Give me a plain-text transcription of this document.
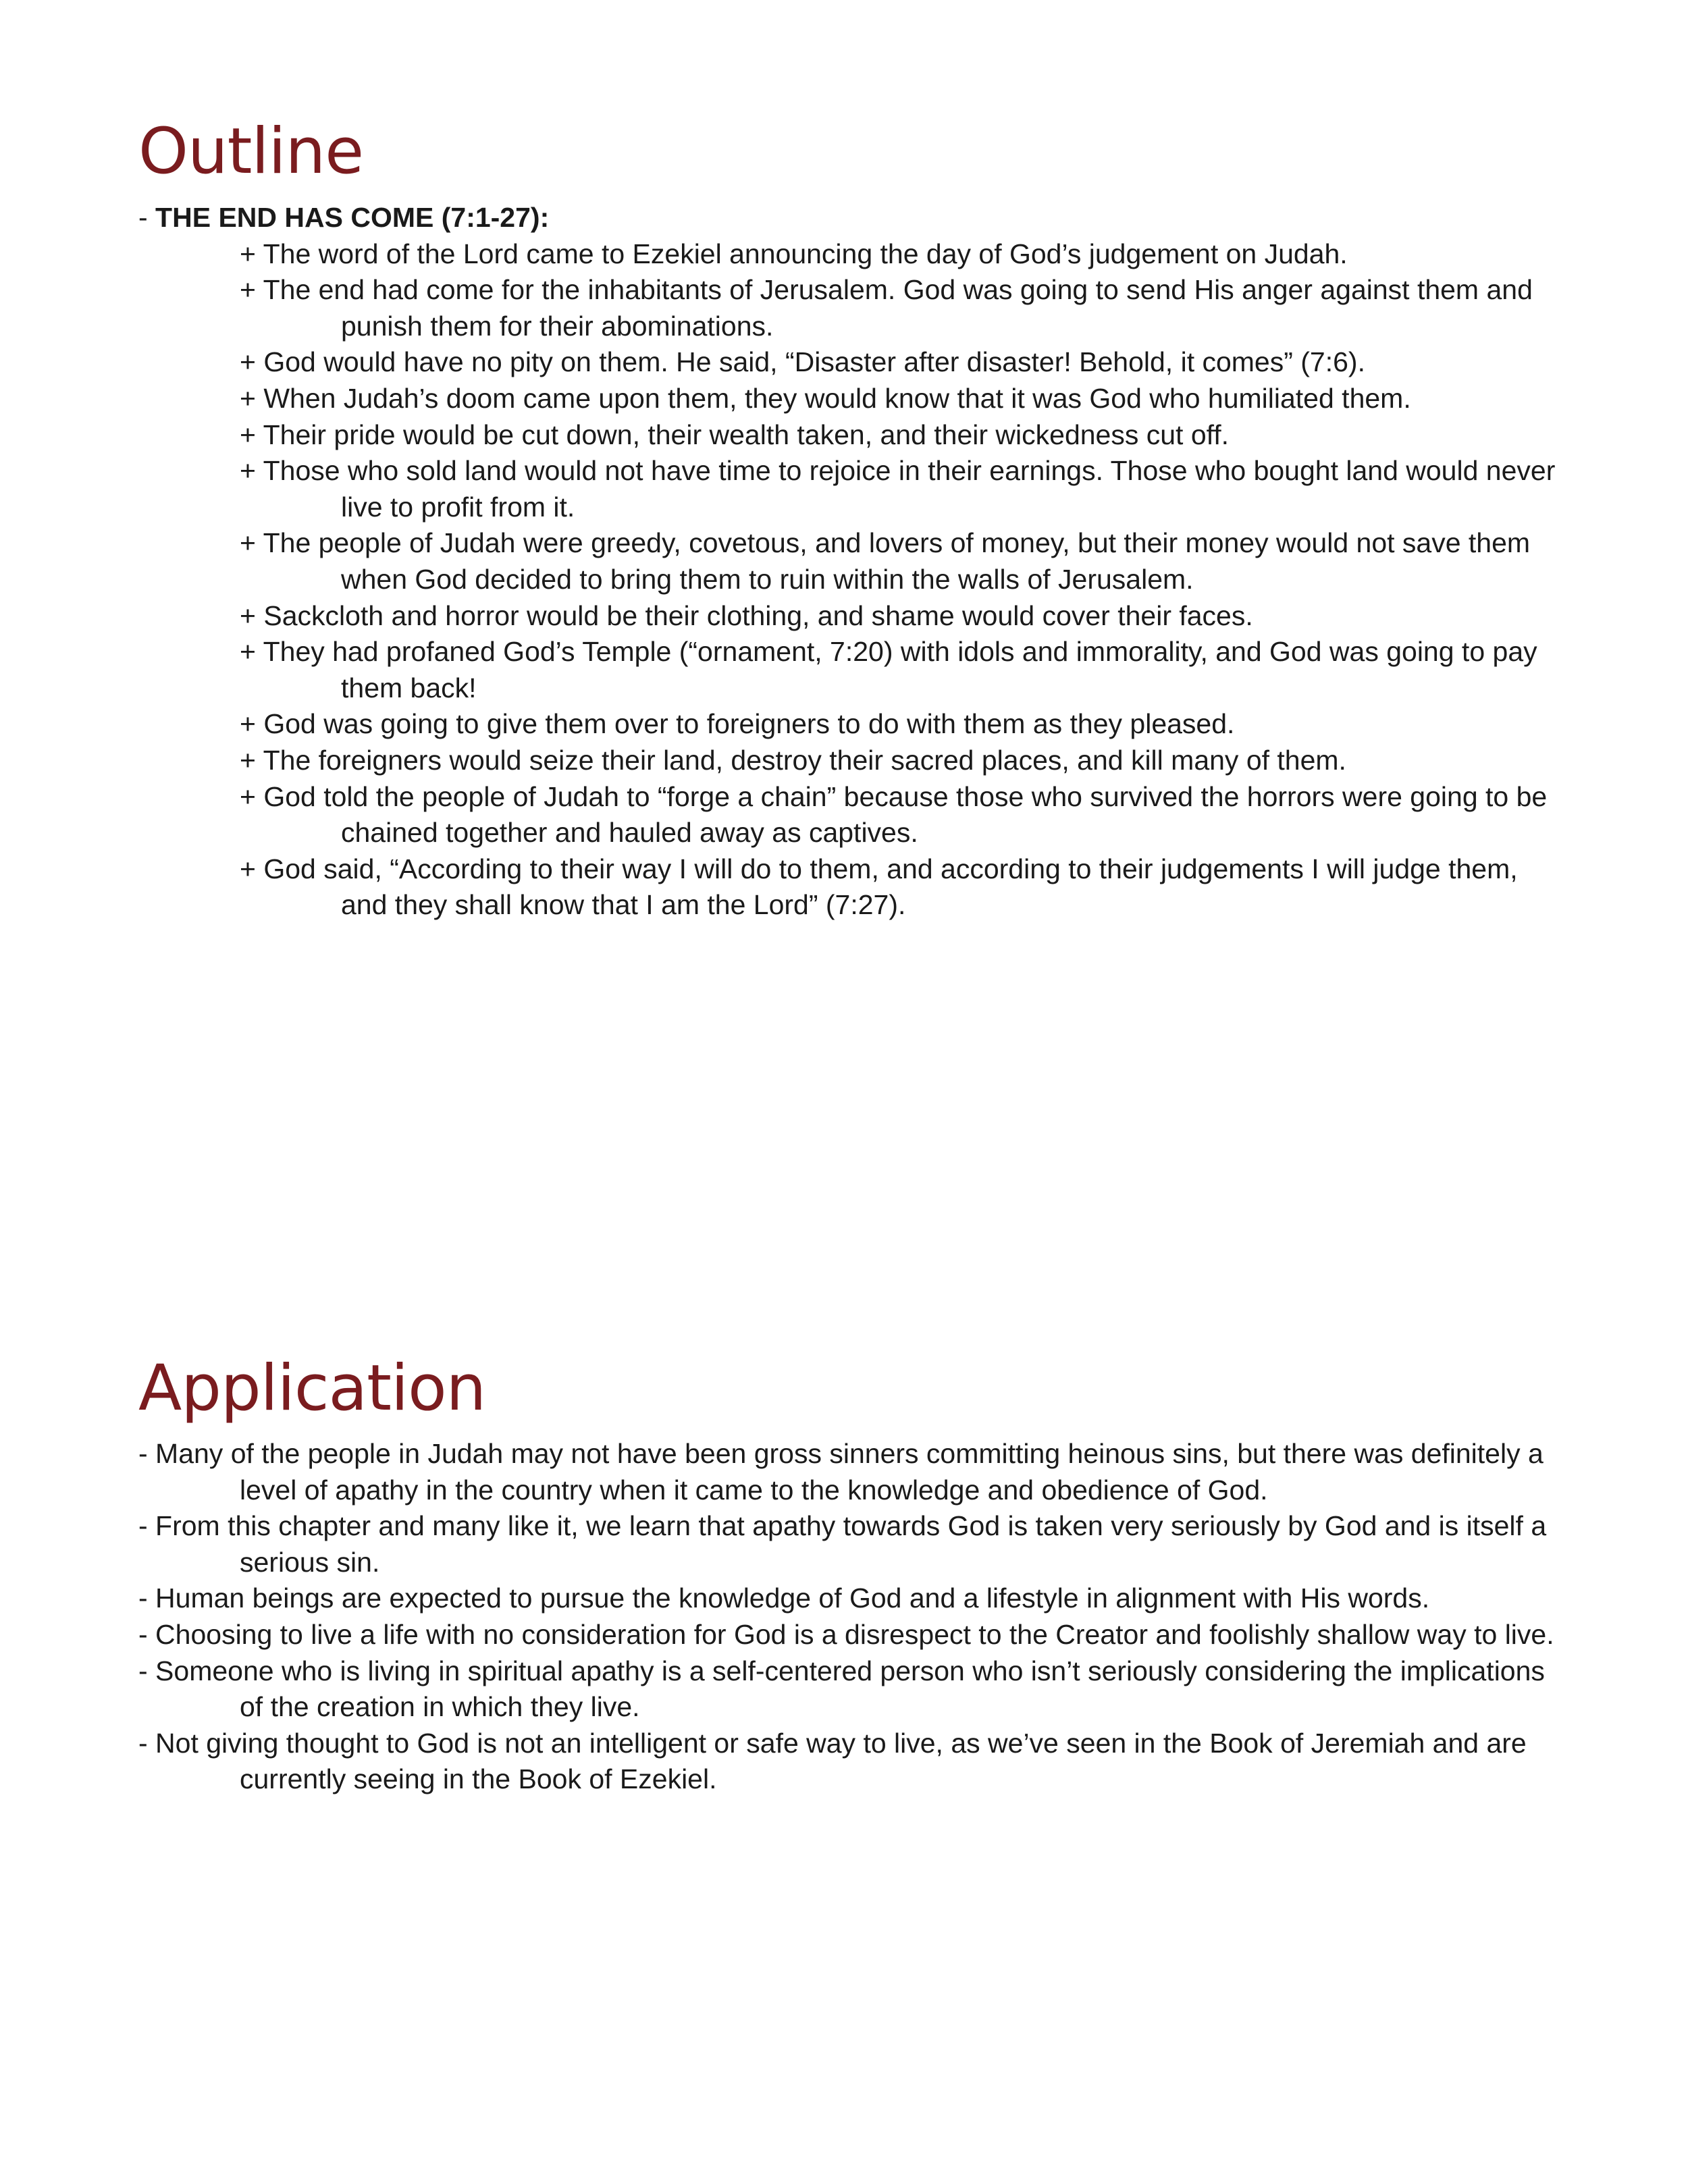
Outline

- THE END HAS COME (7:1-27):

+ The word of the Lord came to Ezekiel announcing the day of God’s judgement on Judah.

+ The end had come for the inhabitants of Jerusalem. God was going to send His anger against them and punish them for their abominations.

+ God would have no pity on them. He said, “Disaster after disaster! Behold, it comes” (7:6).

+ When Judah’s doom came upon them, they would know that it was God who humiliated them.

+ Their pride would be cut down, their wealth taken, and their wickedness cut off.

+ Those who sold land would not have time to rejoice in their earnings. Those who bought land would never live to profit from it.

+ The people of Judah were greedy, covetous, and lovers of money, but their money would not save them when God decided to bring them to ruin within the walls of Jerusalem.

+ Sackcloth and horror would be their clothing, and shame would cover their faces.

+ They had profaned God’s Temple (“ornament, 7:20) with idols and immorality, and God was going to pay them back!

+ God was going to give them over to foreigners to do with them as they pleased.

+ The foreigners would seize their land, destroy their sacred places, and kill many of them.

+ God told the people of Judah to “forge a chain” because those who survived the horrors were going to be chained together and hauled away as captives.

+ God said, “According to their way I will do to them, and according to their judgements I will judge them, and they shall know that I am the Lord” (7:27).

Application

- Many of the people in Judah may not have been gross sinners committing heinous sins, but there was definitely a level of apathy in the country when it came to the knowledge and obedience of God.

- From this chapter and many like it, we learn that apathy towards God is taken very seriously by God and is itself a serious sin.

- Human beings are expected to pursue the knowledge of God and a lifestyle in alignment with His words.

- Choosing to live a life with no consideration for God is a disrespect to the Creator and foolishly shallow way to live.

- Someone who is living in spiritual apathy is a self-centered person who isn’t seriously considering the implications of the creation in which they live.

- Not giving thought to God is not an intelligent or safe way to live, as we’ve seen in the Book of Jeremiah and are currently seeing in the Book of Ezekiel.
